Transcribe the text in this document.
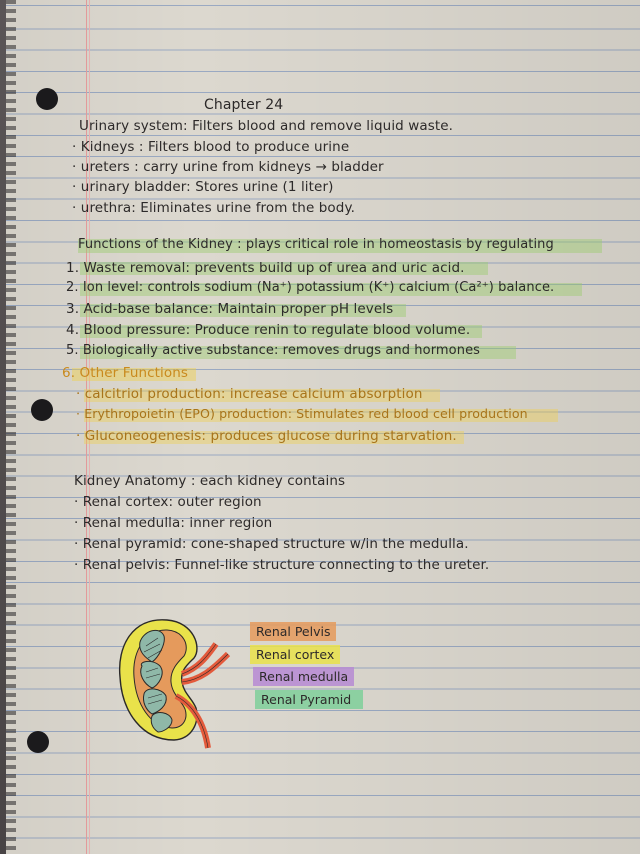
Chapter 24
Urinary system: Filters blood and remove liquid waste.
· Kidneys : Filters blood to produce urine
· ureters : carry urine from kidneys → bladder
· urinary bladder: Stores urine (1 liter)
· urethra: Eliminates urine from the body.
Functions of the Kidney : plays critical role in homeostasis by regulating
1. Waste removal: prevents build up of urea and uric acid.
2. Ion level: controls sodium (Na⁺) potassium (K⁺) calcium (Ca²⁺) balance.
3. Acid-base balance: Maintain proper pH levels
4. Blood pressure: Produce renin to regulate blood volume.
5. Biologically active substance: removes drugs and hormones
6. Other Functions
· calcitriol production: increase calcium absorption
· Erythropoietin (EPO) production: Stimulates red blood cell production
· Gluconeogenesis: produces glucose during starvation.
Kidney Anatomy : each kidney contains
· Renal cortex: outer region
· Renal medulla: inner region
· Renal pyramid: cone-shaped structure w/in the medulla.
· Renal pelvis: Funnel-like structure connecting to the ureter.
Renal Pelvis
Renal cortex
Renal medulla
Renal Pyramid
